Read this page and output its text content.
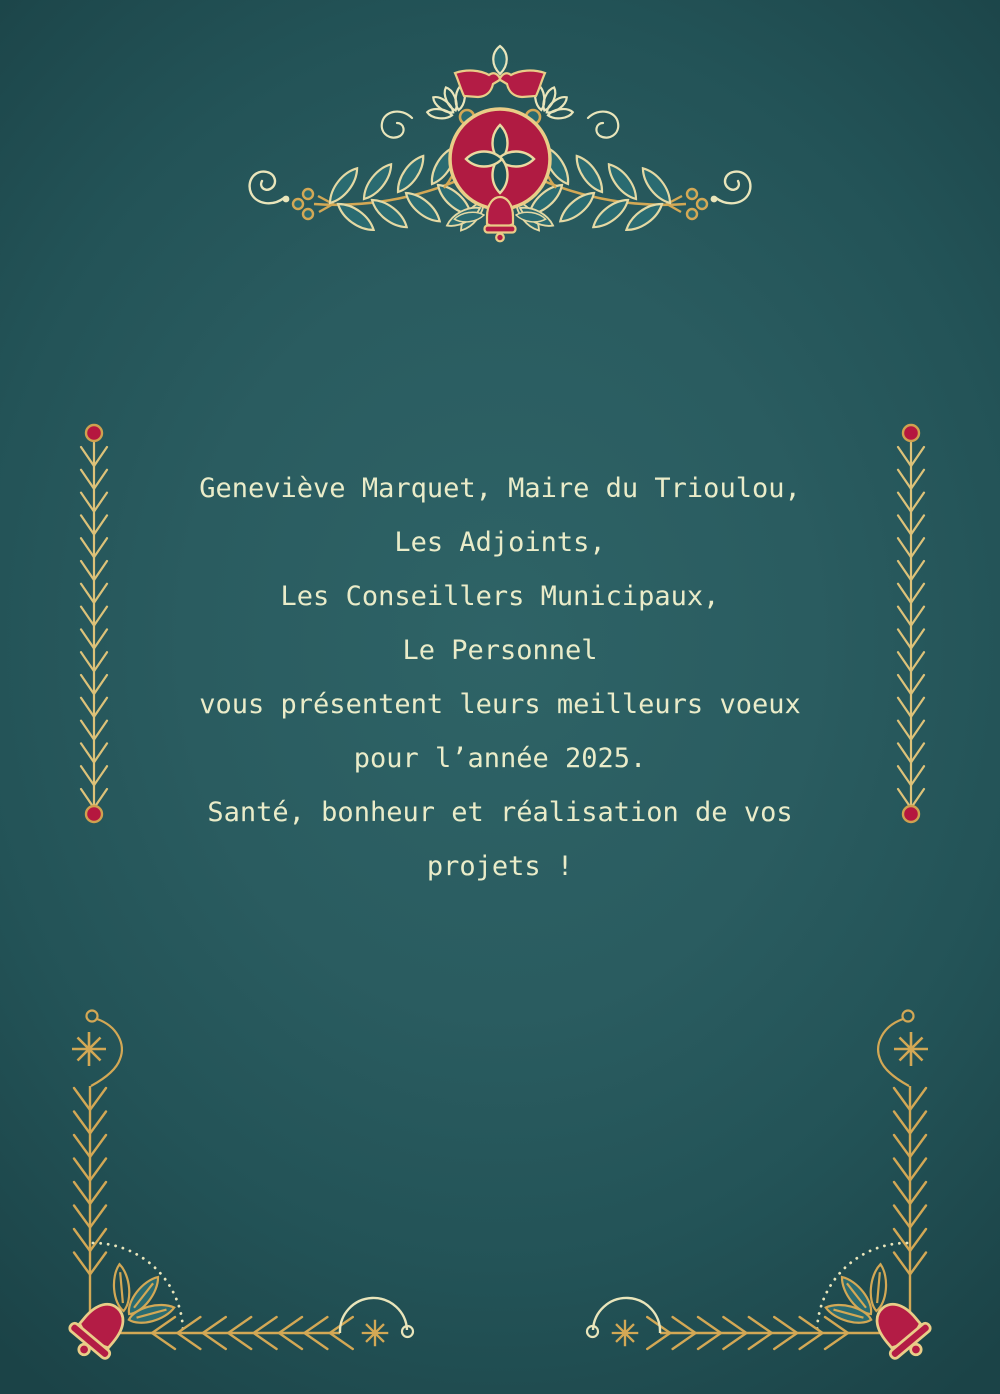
Geneviève Marquet, Maire du Trioulou,

Les Adjoints,

Les Conseillers Municipaux,

Le Personnel

vous présentent leurs meilleurs voeux

pour l’année 2025.

Santé, bonheur et réalisation de vos

projets !
